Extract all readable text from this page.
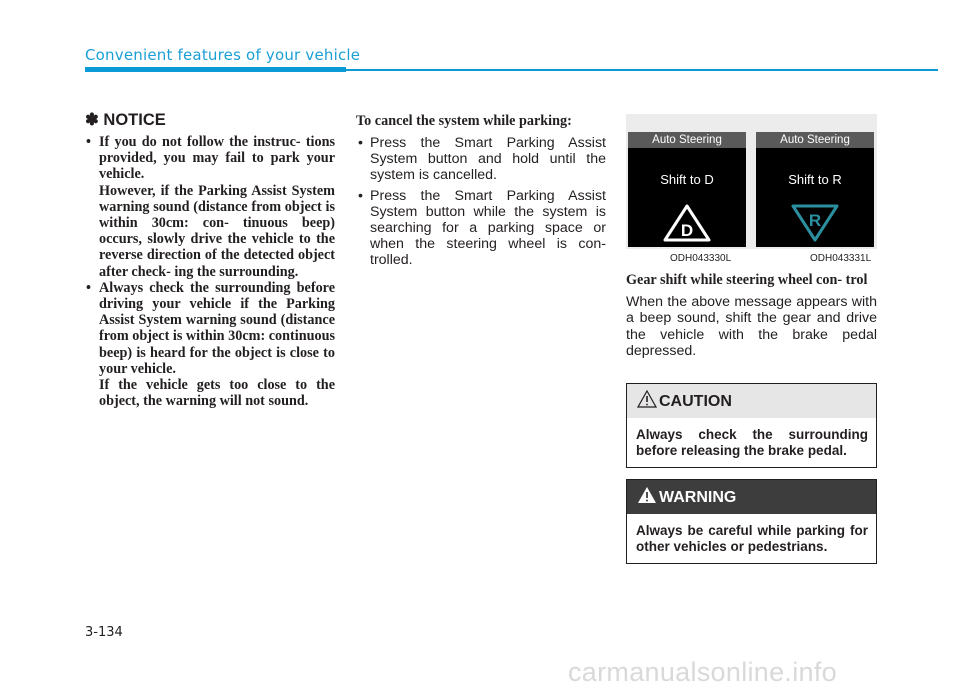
Convenient features of your vehicle
✽ NOTICE

• If you do not follow the instruc- tions provided, you may fail to park your vehicle.

However, if the Parking Assist System warning sound (distance from object is within 30cm: con- tinuous beep) occurs, slowly drive the vehicle to the reverse direction of the detected object after check- ing the surrounding.

• Always check the surrounding before driving your vehicle if the Parking Assist System warning sound (distance from object is within 30cm: continuous beep) is heard for the object is close to your vehicle.

If the vehicle gets too close to the object, the warning will not sound.

To cancel the system while parking:

• Press the Smart Parking Assist System button and hold until the system is cancelled.

• Press the Smart Parking Assist System button while the system is searching for a parking space or when the steering wheel is con- trolled.

Auto Steering
Shift to D
D
Auto Steering
Shift to R
R
ODH043330L	ODH043331L
Gear shift while steering wheel con- trol

When the above message appears with a beep sound, shift the gear and drive the vehicle with the brake pedal depressed.

CAUTION
Always check the surrounding before releasing the brake pedal.
WARNING
Always be careful while parking for other vehicles or pedestrians.
3-134
carmanualsonline.info
